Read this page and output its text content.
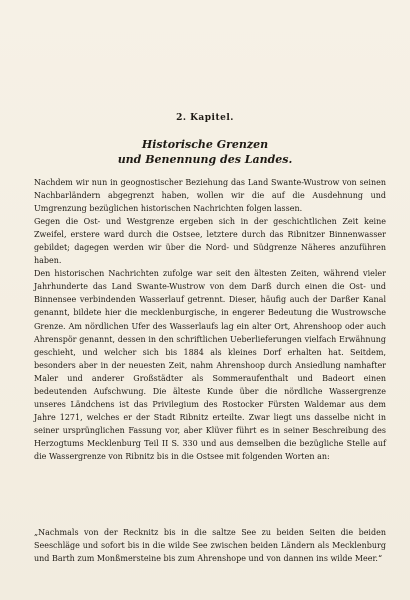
2. Kapitel.
Historische Grenzen
und Benennung des Landes.

Nachdem wir nun in geognostischer Beziehung das Land Swante-Wustrow von seinen Nachbarländern abgegrenzt haben, wollen wir die auf die Ausdehnung und Umgrenzung bezüglichen historischen Nachrichten folgen lassen.

Gegen die Ost- und Westgrenze ergeben sich in der geschichtlichen Zeit keine Zweifel, erstere ward durch die Ostsee, letztere durch das Ribnitzer Binnenwasser gebildet; dagegen werden wir über die Nord- und Südgrenze Näheres anzuführen haben.

Den historischen Nachrichten zufolge war seit den ältesten Zeiten, während vieler Jahrhunderte das Land Swante-Wustrow von dem Darß durch einen die Ost- und Binnensee verbindenden Wasserlauf getrennt. Dieser, häufig auch der Darßer Kanal genannt, bildete hier die mecklenburgische, in engerer Bedeutung die Wustrowsche Grenze. Am nördlichen Ufer des Wasserlaufs lag ein alter Ort, Ahrenshoop oder auch Ahrenspör genannt, dessen in den schriftlichen Ueberlieferungen vielfach Erwähnung geschieht, und welcher sich bis 1884 als kleines Dorf erhalten hat. Seitdem, besonders aber in der neuesten Zeit, nahm Ahrenshoop durch Ansiedlung namhafter Maler und anderer Großstädter als Sommeraufenthalt und Badeort einen bedeutenden Aufschwung. Die älteste Kunde über die nördliche Wassergrenze unseres Ländchens ist das Privilegium des Rostocker Fürsten Waldemar aus dem Jahre 1271, welches er der Stadt Ribnitz erteilte. Zwar liegt uns dasselbe nicht in seiner ursprünglichen Fassung vor, aber Klüver führt es in seiner Beschreibung des Herzogtums Mecklenburg Teil II S. 330 und aus demselben die bezügliche Stelle auf die Wassergrenze von Ribnitz bis in die Ostsee mit folgenden Worten an:

„Nachmals von der Recknitz bis in die saltze See zu beiden Seiten die beiden Seeschläge und sofort bis in die wilde See zwischen beiden Ländern als Mecklenburg und Barth zum Monßmersteine bis zum Ahrenshope und von dannen ins wilde Meer.“
